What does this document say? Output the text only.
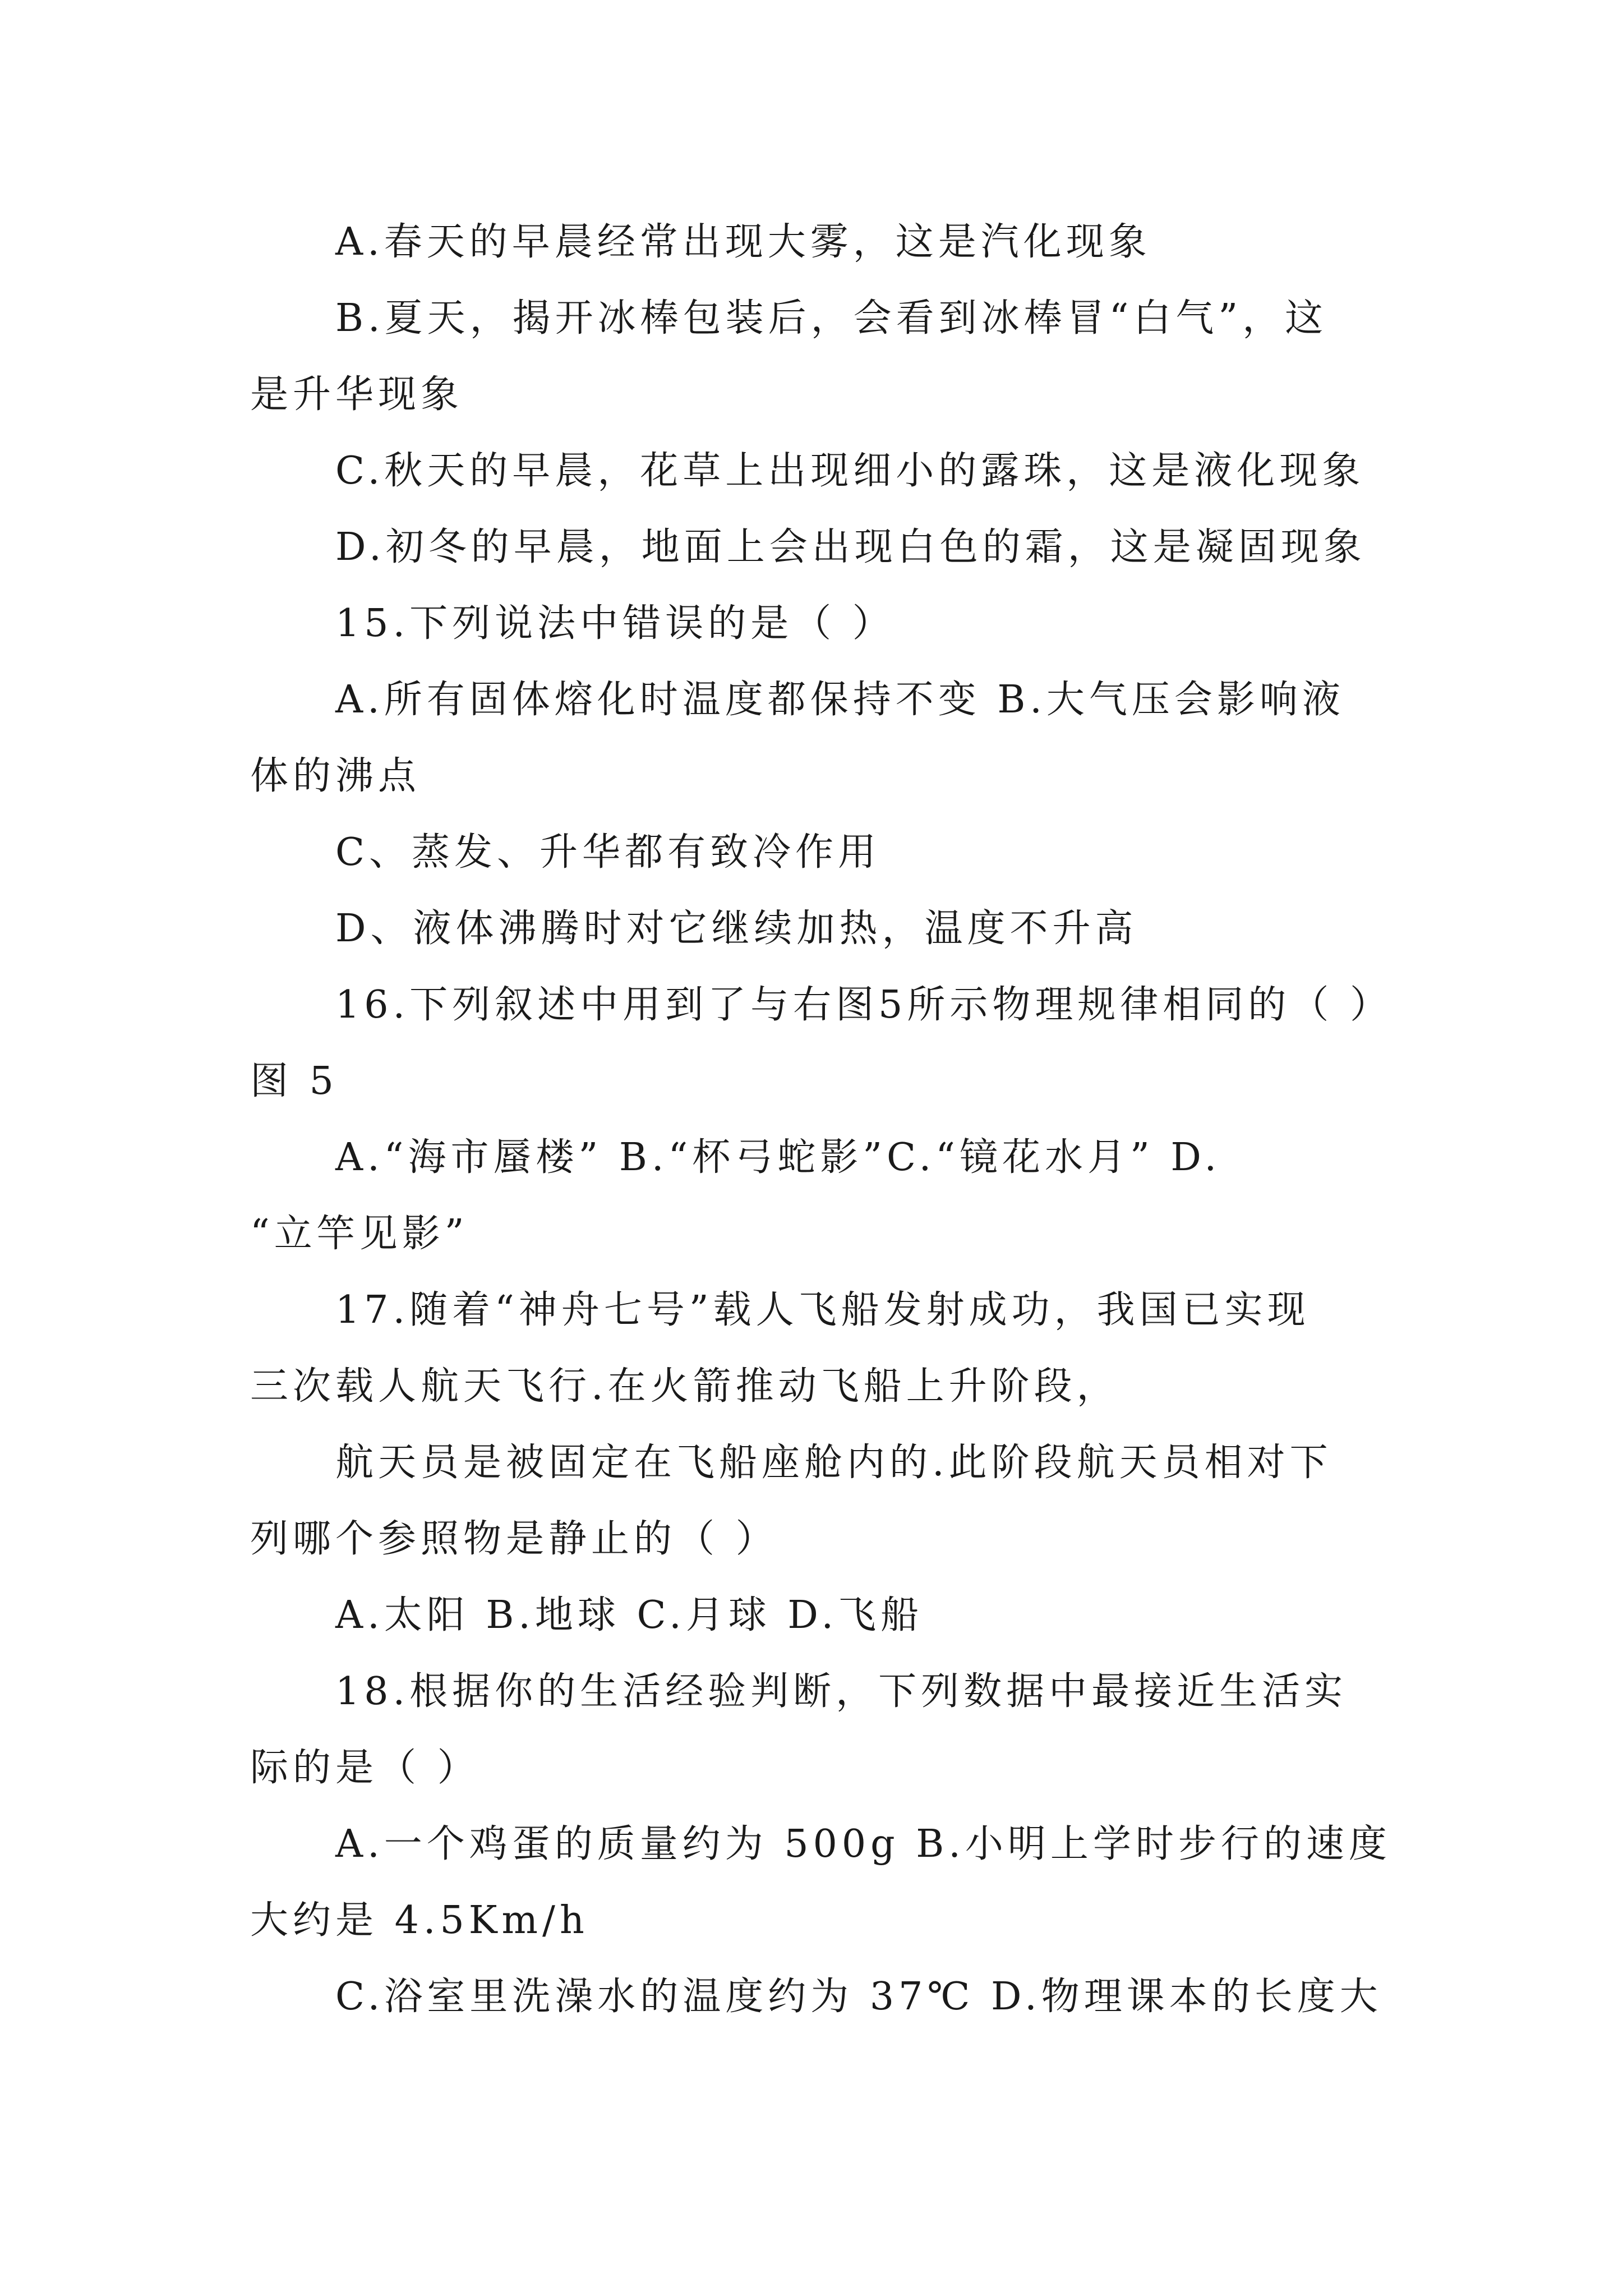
A.春天的早晨经常出现大雾，这是汽化现象
B.夏天，揭开冰棒包装后，会看到冰棒冒“白气”，这
是升华现象
C.秋天的早晨，花草上出现细小的露珠，这是液化现象
D.初冬的早晨，地面上会出现白色的霜，这是凝固现象
15.下列说法中错误的是（ ）
A.所有固体熔化时温度都保持不变 B.大气压会影响液
体的沸点
C、蒸发、升华都有致冷作用
D、液体沸腾时对它继续加热，温度不升高
16.下列叙述中用到了与右图5所示物理规律相同的（ ）
图 5
A.“海市蜃楼” B.“杯弓蛇影”C.“镜花水月” D.
“立竿见影”
17.随着“神舟七号”载人飞船发射成功，我国已实现
三次载人航天飞行.在火箭推动飞船上升阶段，
航天员是被固定在飞船座舱内的.此阶段航天员相对下
列哪个参照物是静止的（ ）
A.太阳 B.地球 C.月球 D.飞船
18.根据你的生活经验判断，下列数据中最接近生活实
际的是（ ）
A.一个鸡蛋的质量约为 500g B.小明上学时步行的速度
大约是 4.5Km/h
C.浴室里洗澡水的温度约为 37℃ D.物理课本的长度大
